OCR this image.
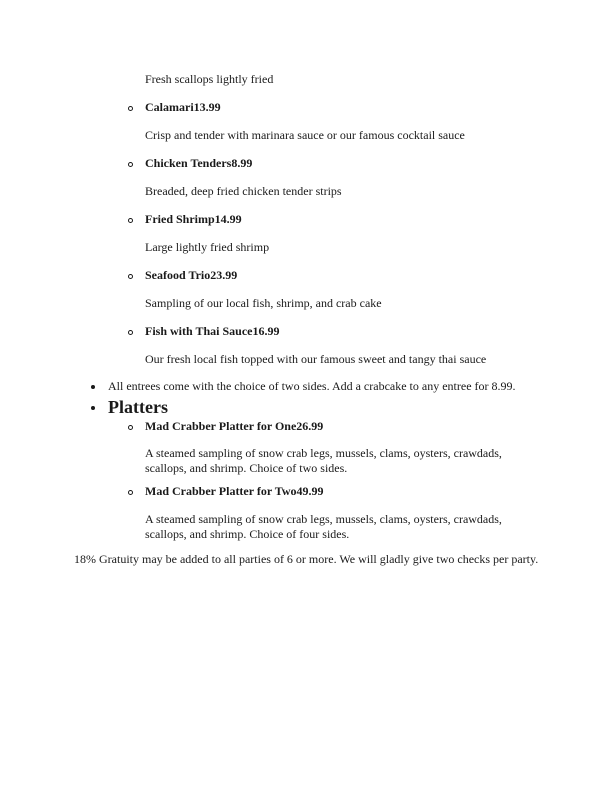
Fresh scallops lightly fried
Calamari13.99
Crisp and tender with marinara sauce or our famous cocktail sauce
Chicken Tenders8.99
Breaded, deep fried chicken tender strips
Fried Shrimp14.99
Large lightly fried shrimp
Seafood Trio23.99
Sampling of our local fish, shrimp, and crab cake
Fish with Thai Sauce16.99
Our fresh local fish topped with our famous sweet and tangy thai sauce
All entrees come with the choice of two sides. Add a crabcake to any entree for 8.99.
Platters
Mad Crabber Platter for One26.99
A steamed sampling of snow crab legs, mussels, clams, oysters, crawdads, scallops, and shrimp. Choice of two sides.
Mad Crabber Platter for Two49.99
A steamed sampling of snow crab legs, mussels, clams, oysters, crawdads, scallops, and shrimp. Choice of four sides.
18% Gratuity may be added to all parties of 6 or more. We will gladly give two checks per party.
